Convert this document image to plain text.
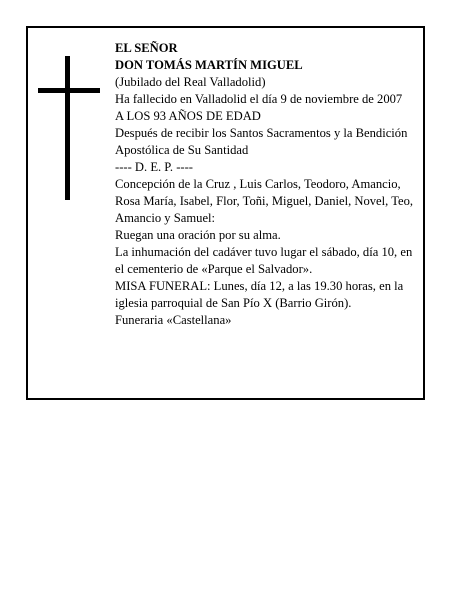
EL SEÑOR

DON TOMÁS MARTÍN MIGUEL

(Jubilado del Real Valladolid)

Ha fallecido en Valladolid el día 9 de noviembre de 2007

A LOS 93 AÑOS DE EDAD

Después de recibir los Santos Sacramentos y la Bendición Apostólica de Su Santidad

---- D. E. P. ----

Concepción de la Cruz , Luis Carlos, Teodoro, Amancio, Rosa María, Isabel, Flor, Toñi, Miguel, Daniel, Novel, Teo, Amancio y Samuel:

Ruegan una oración por su alma.

La inhumación del cadáver tuvo lugar el sábado, día 10, en el cementerio de «Parque el Salvador».

MISA FUNERAL: Lunes, día 12, a las 19.30 horas, en la iglesia parroquial de San Pío X (Barrio Girón).

Funeraria «Castellana»
